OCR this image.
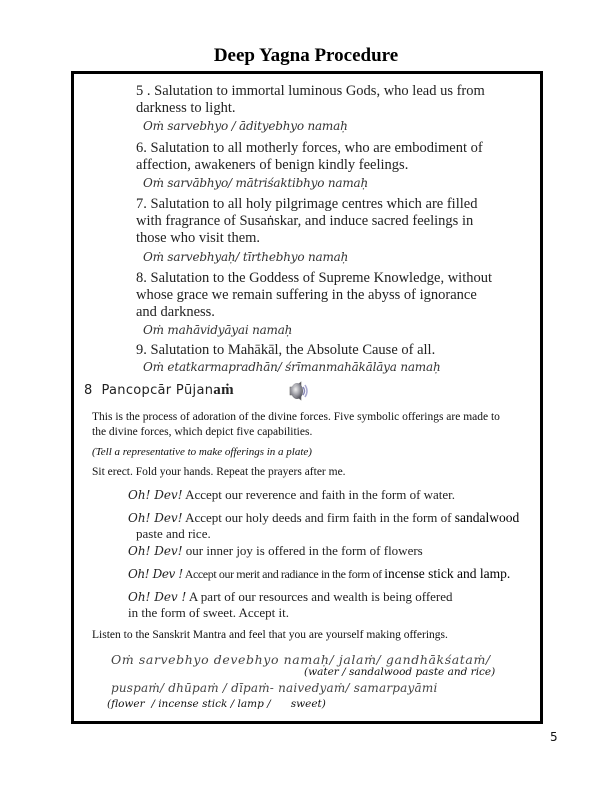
Deep Yagna Procedure
5 . Salutation to immortal luminous Gods, who lead us from
darkness to light.
Oṁ sarvebhyo / ādityebhyo namaḥ
6. Salutation to all motherly forces, who are embodiment of
affection, awakeners of benign kindly feelings.
Oṁ sarvābhyo/ mātriśaktibhyo namaḥ
7. Salutation to all holy pilgrimage centres which are filled
with fragrance of Susaṅskar, and induce sacred feelings in
those who visit them.
Oṁ sarvebhyaḥ/ tīrthebhyo namaḥ
8. Salutation to the Goddess of Supreme Knowledge, without
whose grace we remain suffering in the abyss of ignorance
and darkness.
Oṁ mahāvidyāyai namaḥ
9. Salutation to Mahākāl, the Absolute Cause of all.
Oṁ etatkarmapradhān/ śrīmanmahākālāya namaḥ
8 Pancopcār Pūjanaṁ
This is the process of adoration of the divine forces. Five symbolic offerings are made to
the divine forces, which depict five capabilities.
(Tell a representative to make offerings in a plate)
Sit erect. Fold your hands. Repeat the prayers after me.
Oh! Dev! Accept our reverence and faith in the form of water.
Oh! Dev! Accept our holy deeds and firm faith in the form of sandalwood
paste and rice.
Oh! Dev! our inner joy is offered in the form of flowers
Oh! Dev ! Accept our merit and radiance in the form of incense stick and lamp.
Oh! Dev ! A part of our resources and wealth is being offered
in the form of sweet. Accept it.
Listen to the Sanskrit Mantra and feel that you are yourself making offerings.
Oṁ sarvebhyo devebhyo namaḥ/ jalaṁ/ gandhākśataṁ/
(water / sandalwood paste and rice)
puspaṁ/ dhūpaṁ / dīpaṁ- naivedyaṁ/ samarpayāmi
(flower  / incense stick / lamp /      sweet)
5
